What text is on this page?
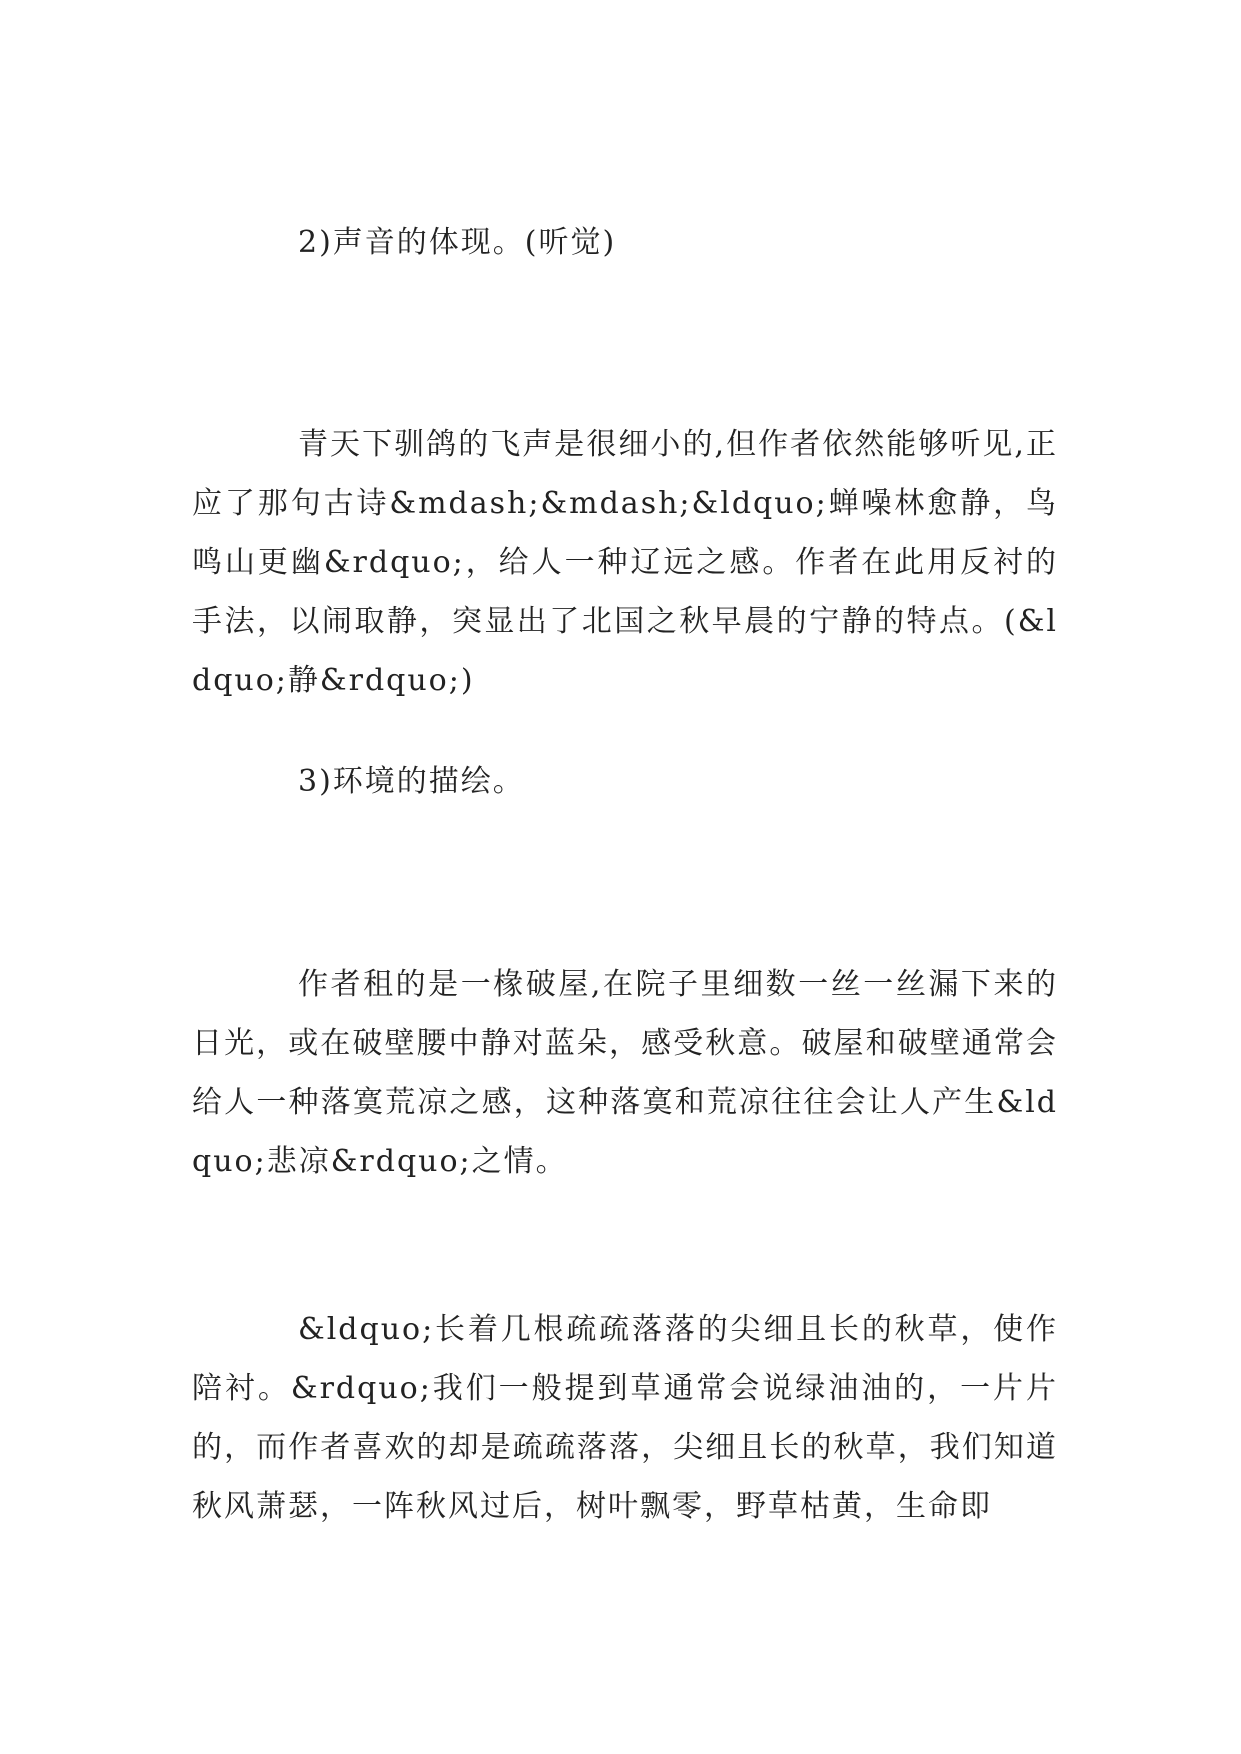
2)声音的体现。(听觉)

青天下驯鸽的飞声是很细小的,但作者依然能够听见,正应了那句古诗&mdash;&mdash;&ldquo;蝉噪林愈静，鸟鸣山更幽&rdquo;，给人一种辽远之感。作者在此用反衬的手法，以闹取静，突显出了北国之秋早晨的宁静的特点。(&ldquo;静&rdquo;)

3)环境的描绘。

作者租的是一椽破屋,在院子里细数一丝一丝漏下来的日光，或在破壁腰中静对蓝朵，感受秋意。破屋和破壁通常会给人一种落寞荒凉之感，这种落寞和荒凉往往会让人产生&ldquo;悲凉&rdquo;之情。

&ldquo;长着几根疏疏落落的尖细且长的秋草，使作陪衬。&rdquo;我们一般提到草通常会说绿油油的，一片片的，而作者喜欢的却是疏疏落落，尖细且长的秋草，我们知道秋风萧瑟，一阵秋风过后，树叶飘零，野草枯黄，生命即
